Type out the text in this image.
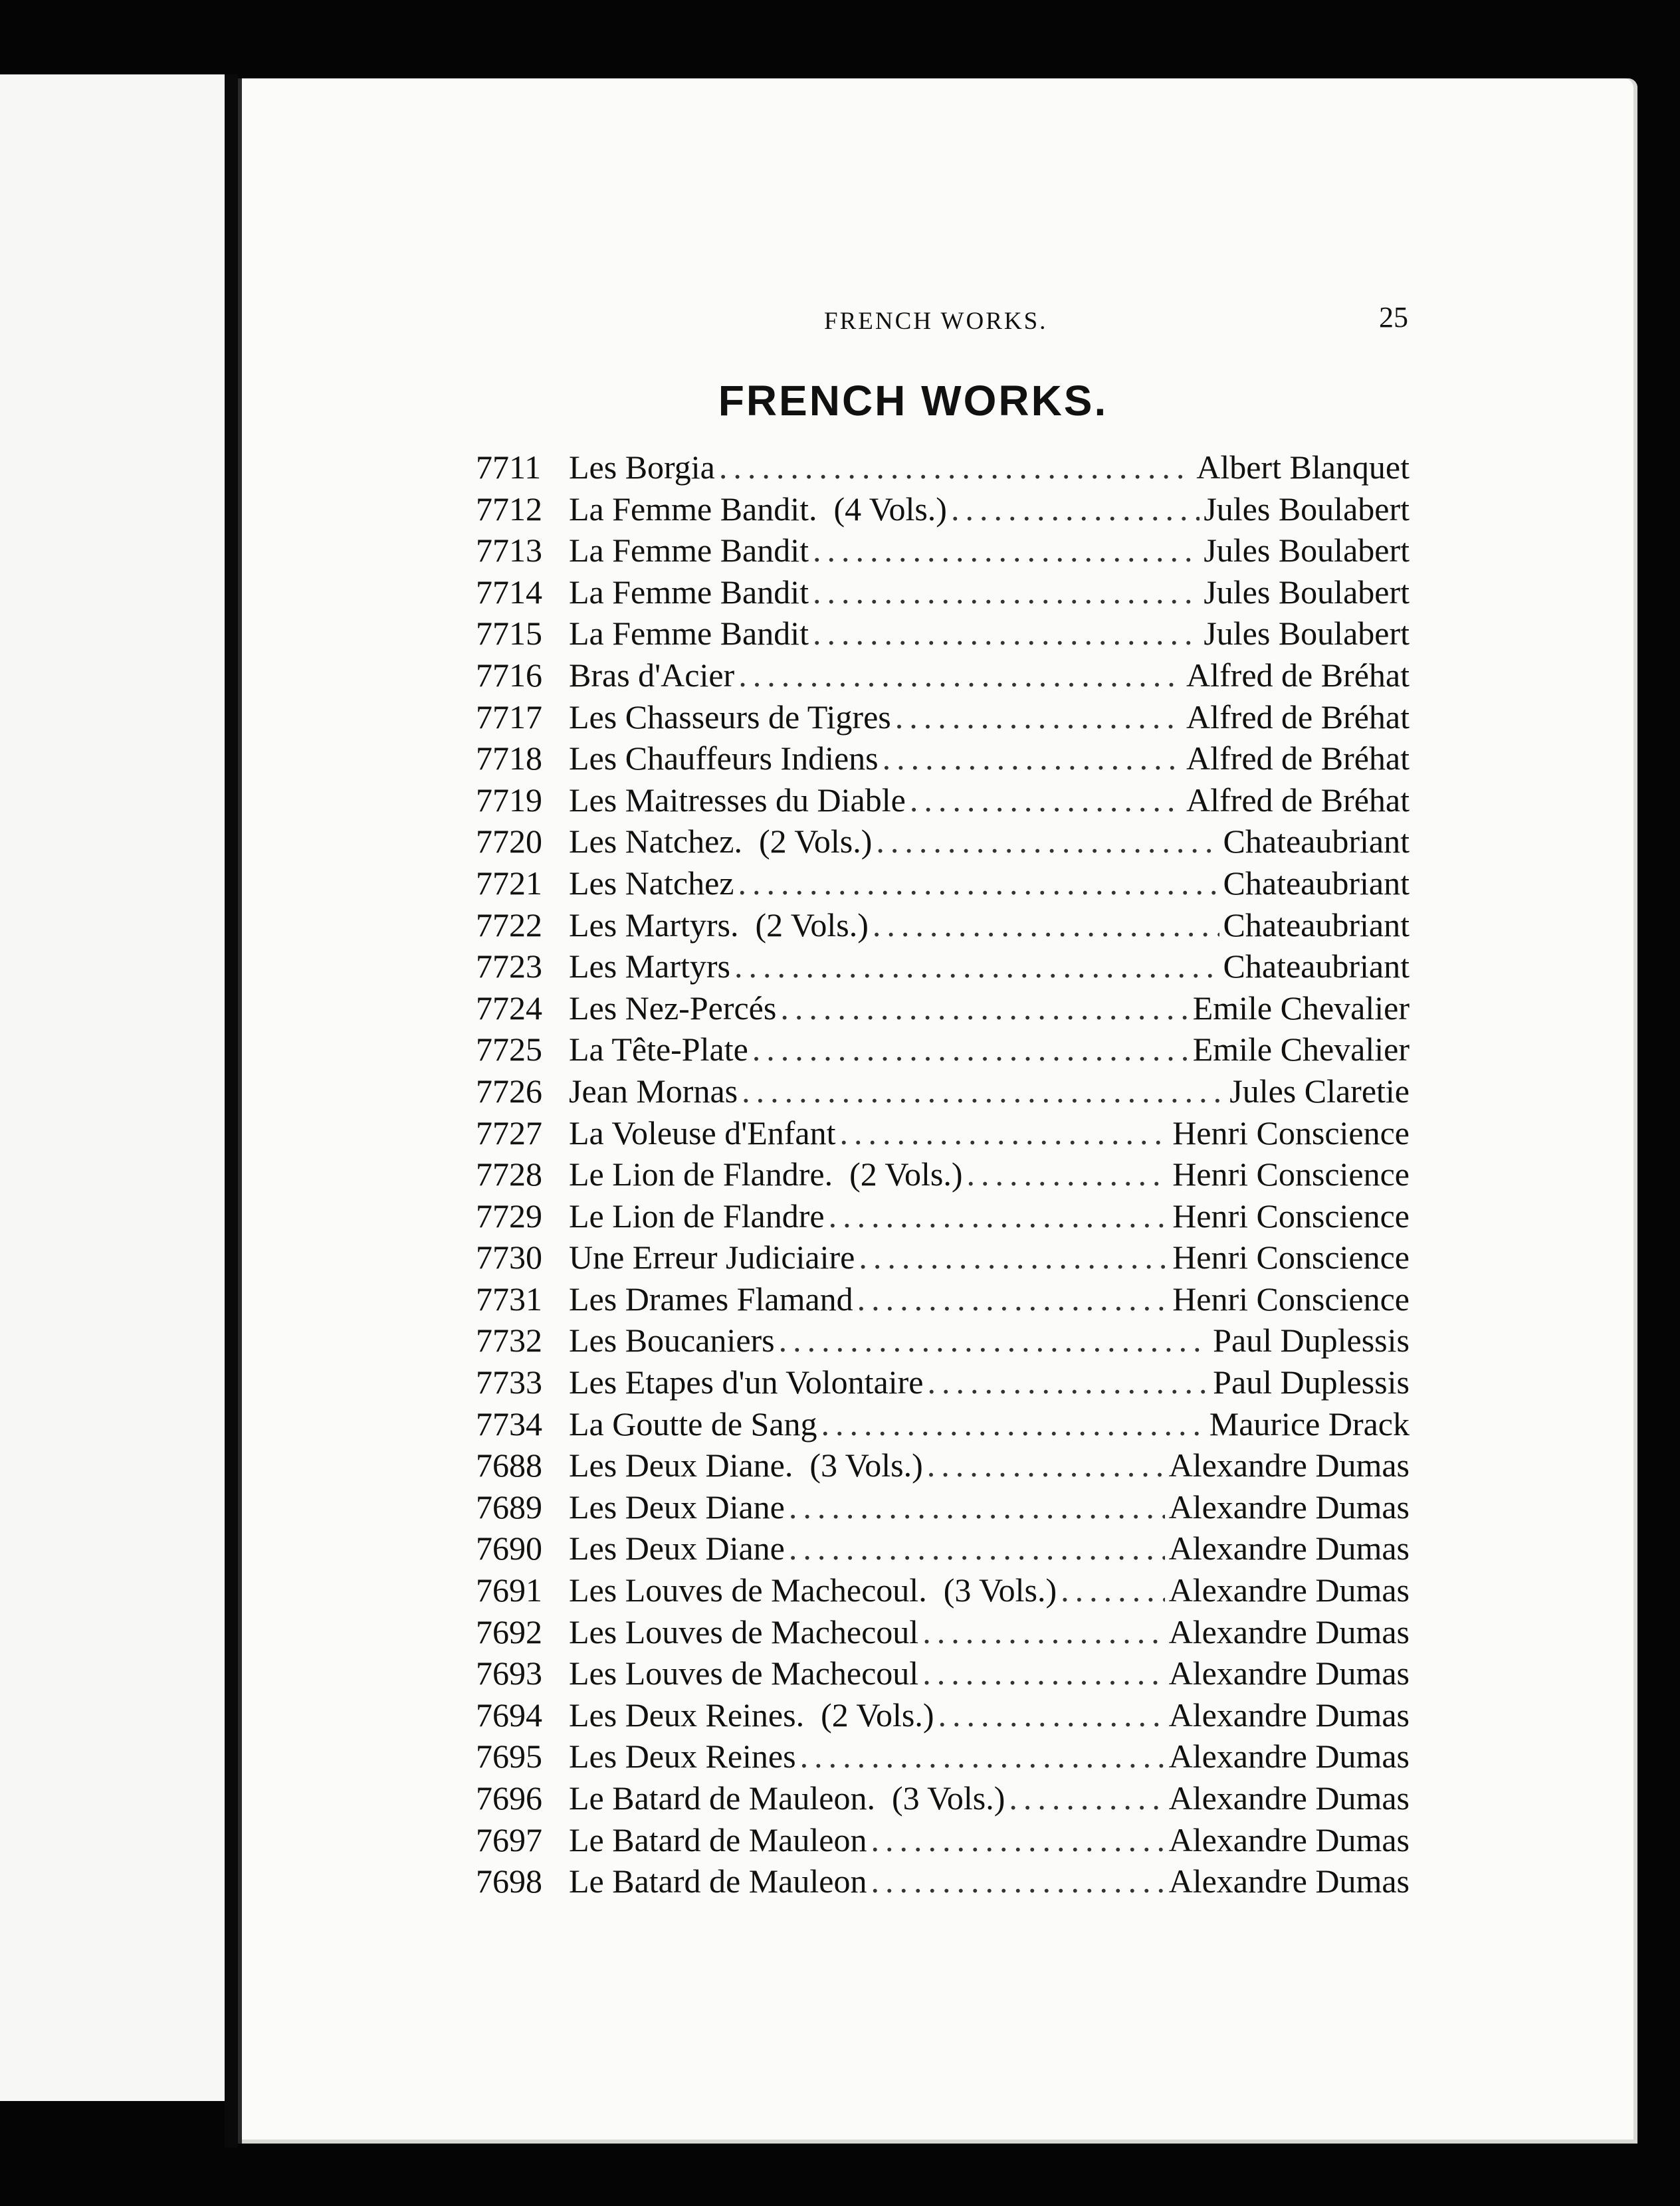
FRENCH WORKS.	25
FRENCH WORKS.
7711 Les Borgia .....	Albert Blanquet
7712 La Femme Bandit.  (4 Vols.) .....	Jules Boulabert
7713 La Femme Bandit .....	Jules Boulabert
7714 La Femme Bandit .....	Jules Boulabert
7715 La Femme Bandit .....	Jules Boulabert
7716 Bras d'Acier .....	Alfred de Bréhat
7717 Les Chasseurs de Tigres .....	Alfred de Bréhat
7718 Les Chauffeurs Indiens .....	Alfred de Bréhat
7719 Les Maitresses du Diable .....	Alfred de Bréhat
7720 Les Natchez.  (2 Vols.) .....	Chateaubriant
7721 Les Natchez .....	Chateaubriant
7722 Les Martyrs.  (2 Vols.) .....	Chateaubriant
7723 Les Martyrs .....	Chateaubriant
7724 Les Nez-Percés .....	Emile Chevalier
7725 La Tête-Plate .....	Emile Chevalier
7726 Jean Mornas .....	Jules Claretie
7727 La Voleuse d'Enfant .....	Henri Conscience
7728 Le Lion de Flandre.  (2 Vols.) .....	Henri Conscience
7729 Le Lion de Flandre .....	Henri Conscience
7730 Une Erreur Judiciaire .....	Henri Conscience
7731 Les Drames Flamand .....	Henri Conscience
7732 Les Boucaniers .....	Paul Duplessis
7733 Les Etapes d'un Volontaire .....	Paul Duplessis
7734 La Goutte de Sang .....	Maurice Drack
7688 Les Deux Diane.  (3 Vols.) .....	Alexandre Dumas
7689 Les Deux Diane .....	Alexandre Dumas
7690 Les Deux Diane .....	Alexandre Dumas
7691 Les Louves de Machecoul.  (3 Vols.) .....	Alexandre Dumas
7692 Les Louves de Machecoul .....	Alexandre Dumas
7693 Les Louves de Machecoul .....	Alexandre Dumas
7694 Les Deux Reines.  (2 Vols.) .....	Alexandre Dumas
7695 Les Deux Reines .....	Alexandre Dumas
7696 Le Batard de Mauleon.  (3 Vols.) .....	Alexandre Dumas
7697 Le Batard de Mauleon .....	Alexandre Dumas
7698 Le Batard de Mauleon .....	Alexandre Dumas
